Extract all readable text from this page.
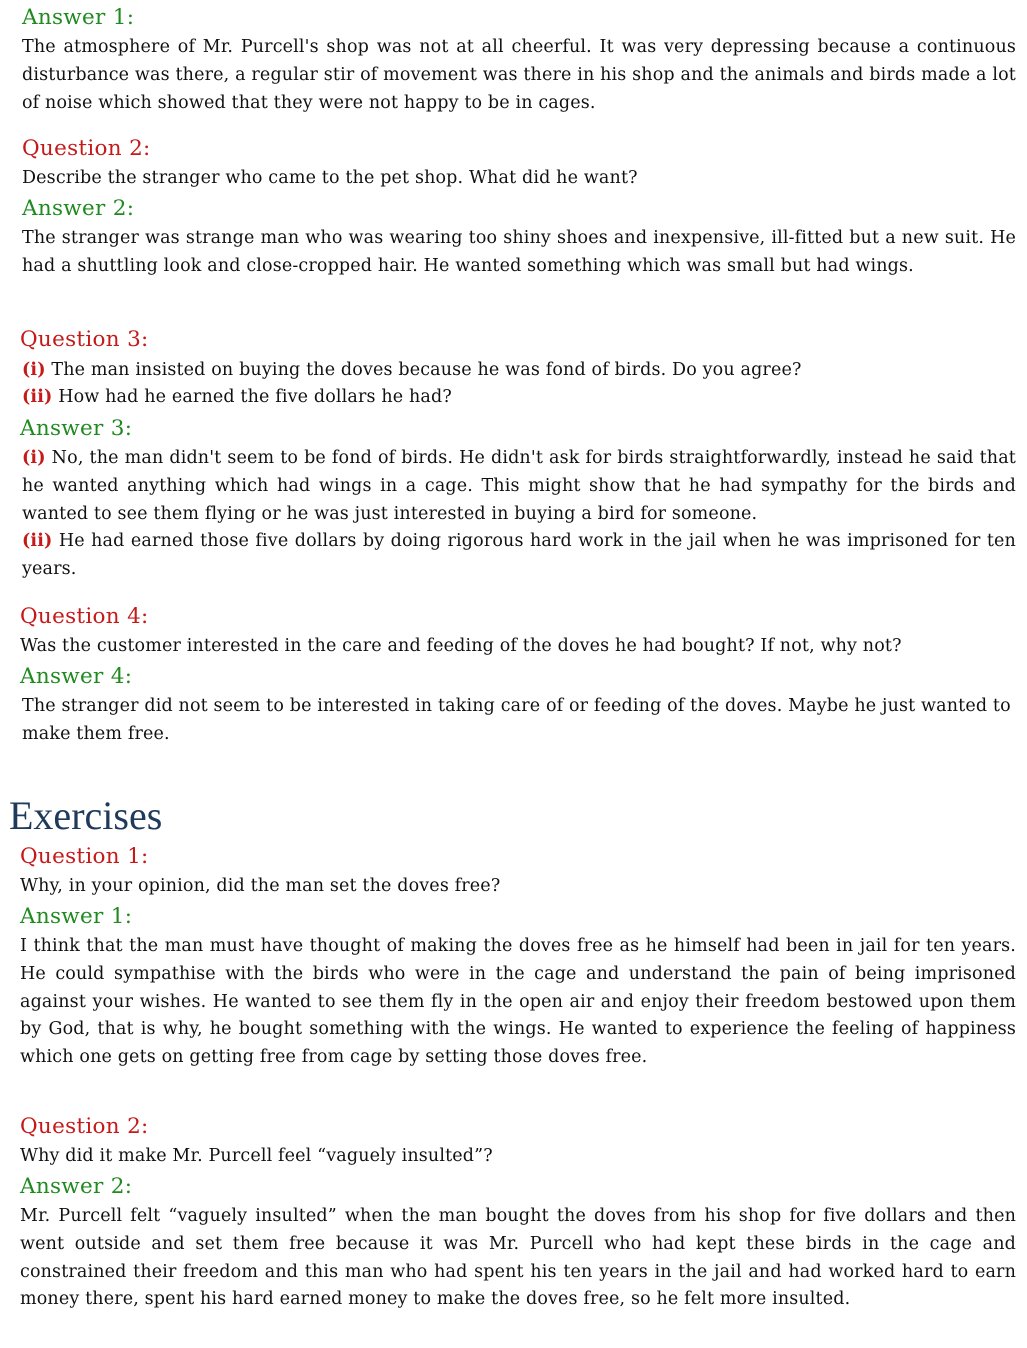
Answer 1:
The atmosphere of Mr. Purcell's shop was not at all cheerful. It was very depressing because a continuous disturbance was there, a regular stir of movement was there in his shop and the animals and birds made a lot of noise which showed that they were not happy to be in cages.
Question 2:
Describe the stranger who came to the pet shop. What did he want?
Answer 2:
The stranger was strange man who was wearing too shiny shoes and inexpensive, ill-fitted but a new suit. He had a shuttling look and close-cropped hair. He wanted something which was small but had wings.
Question 3:
(i) The man insisted on buying the doves because he was fond of birds. Do you agree?
(ii) How had he earned the five dollars he had?
Answer 3:
(i) No, the man didn't seem to be fond of birds. He didn't ask for birds straightforwardly, instead he said that he wanted anything which had wings in a cage. This might show that he had sympathy for the birds and wanted to see them flying or he was just interested in buying a bird for someone.
(ii) He had earned those five dollars by doing rigorous hard work in the jail when he was imprisoned for ten years.
Question 4:
Was the customer interested in the care and feeding of the doves he had bought? If not, why not?
Answer 4:
The stranger did not seem to be interested in taking care of or feeding of the doves. Maybe he just wanted to make them free.
Exercises
Question 1:
Why, in your opinion, did the man set the doves free?
Answer 1:
I think that the man must have thought of making the doves free as he himself had been in jail for ten years. He could sympathise with the birds who were in the cage and understand the pain of being imprisoned against your wishes. He wanted to see them fly in the open air and enjoy their freedom bestowed upon them by God, that is why, he bought something with the wings. He wanted to experience the feeling of happiness which one gets on getting free from cage by setting those doves free.
Question 2:
Why did it make Mr. Purcell feel “vaguely insulted”?
Answer 2:
Mr. Purcell felt “vaguely insulted” when the man bought the doves from his shop for five dollars and then went outside and set them free because it was Mr. Purcell who had kept these birds in the cage and constrained their freedom and this man who had spent his ten years in the jail and had worked hard to earn money there, spent his hard earned money to make the doves free, so he felt more insulted.
